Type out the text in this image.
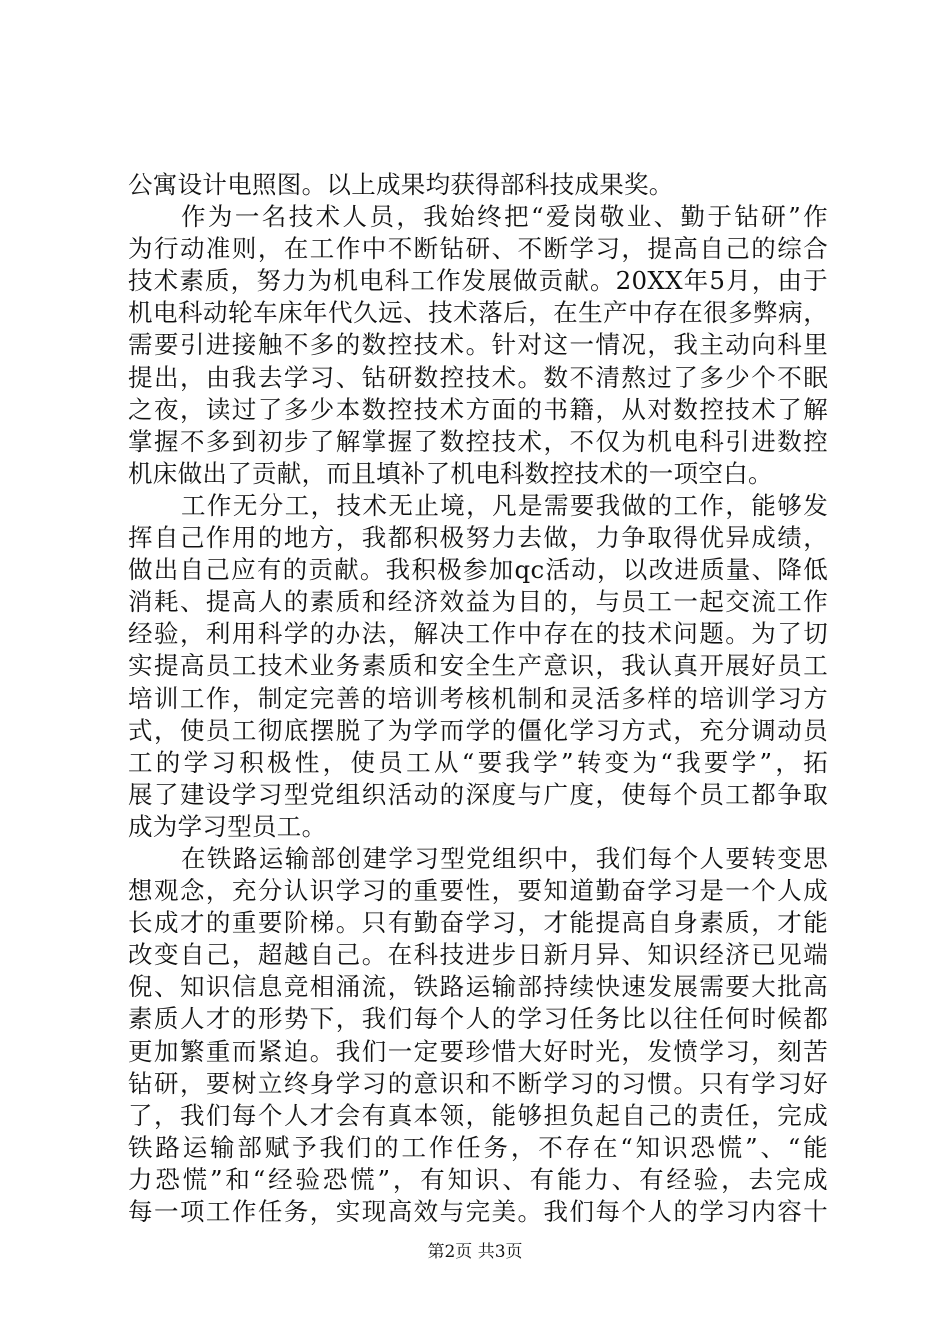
公寓设计电照图。以上成果均获得部科技成果奖。
作为一名技术人员，我始终把“爱岗敬业、勤于钻研”作
为行动准则，在工作中不断钻研、不断学习，提高自己的综合
技术素质，努力为机电科工作发展做贡献。20XX年5月，由于
机电科动轮车床年代久远、技术落后，在生产中存在很多弊病，
需要引进接触不多的数控技术。针对这一情况，我主动向科里
提出，由我去学习、钻研数控技术。数不清熬过了多少个不眠
之夜，读过了多少本数控技术方面的书籍，从对数控技术了解
掌握不多到初步了解掌握了数控技术，不仅为机电科引进数控
机床做出了贡献，而且填补了机电科数控技术的一项空白。
工作无分工，技术无止境，凡是需要我做的工作，能够发
挥自己作用的地方，我都积极努力去做，力争取得优异成绩，
做出自己应有的贡献。我积极参加qc活动，以改进质量、降低
消耗、提高人的素质和经济效益为目的，与员工一起交流工作
经验，利用科学的办法，解决工作中存在的技术问题。为了切
实提高员工技术业务素质和安全生产意识，我认真开展好员工
培训工作，制定完善的培训考核机制和灵活多样的培训学习方
式，使员工彻底摆脱了为学而学的僵化学习方式，充分调动员
工的学习积极性，使员工从“要我学”转变为“我要学”，拓
展了建设学习型党组织活动的深度与广度，使每个员工都争取
成为学习型员工。
在铁路运输部创建学习型党组织中，我们每个人要转变思
想观念，充分认识学习的重要性，要知道勤奋学习是一个人成
长成才的重要阶梯。只有勤奋学习，才能提高自身素质，才能
改变自己，超越自己。在科技进步日新月异、知识经济已见端
倪、知识信息竞相涌流，铁路运输部持续快速发展需要大批高
素质人才的形势下，我们每个人的学习任务比以往任何时候都
更加繁重而紧迫。我们一定要珍惜大好时光，发愤学习，刻苦
钻研，要树立终身学习的意识和不断学习的习惯。只有学习好
了，我们每个人才会有真本领，能够担负起自己的责任，完成
铁路运输部赋予我们的工作任务，不存在“知识恐慌”、“能
力恐慌”和“经验恐慌”，有知识、有能力、有经验，去完成
每一项工作任务，实现高效与完美。我们每个人的学习内容十
第2页 共3页
